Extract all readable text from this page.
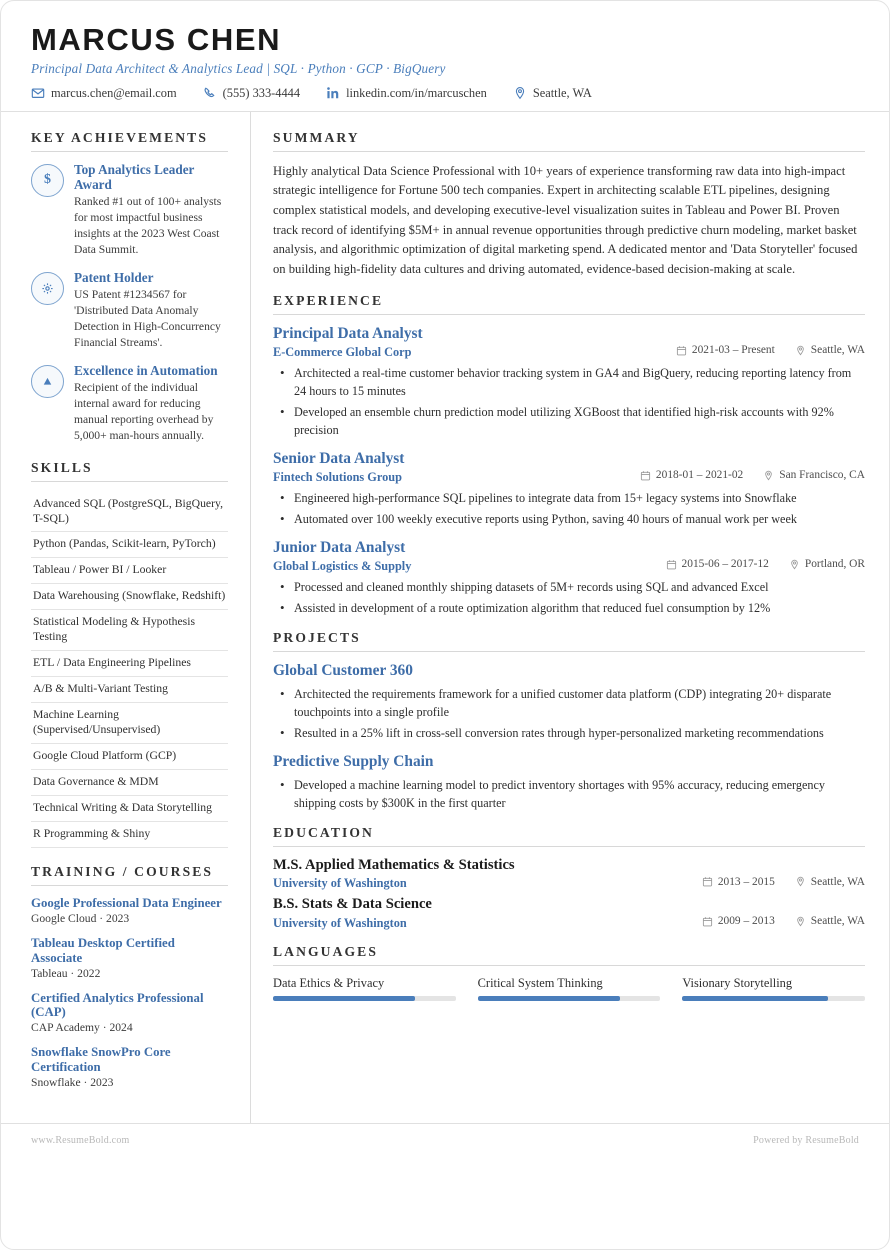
MARCUS CHEN
Principal Data Architect & Analytics Lead | SQL · Python · GCP · BigQuery
marcus.chen@email.com	(555) 333-4444	linkedin.com/in/marcuschen	Seattle, WA
KEY ACHIEVEMENTS
$
Top Analytics Leader Award
Ranked #1 out of 100+ analysts for most impactful business insights at the 2023 West Coast Data Summit.
Patent Holder
US Patent #1234567 for 'Distributed Data Anomaly Detection in High-Concurrency Financial Streams'.
Excellence in Automation
Recipient of the individual internal award for reducing manual reporting overhead by 5,000+ man-hours annually.
SKILLS
Advanced SQL (PostgreSQL, BigQuery, T-SQL)
Python (Pandas, Scikit-learn, PyTorch)
Tableau / Power BI / Looker
Data Warehousing (Snowflake, Redshift)
Statistical Modeling & Hypothesis Testing
ETL / Data Engineering Pipelines
A/B & Multi-Variant Testing
Machine Learning (Supervised/Unsupervised)
Google Cloud Platform (GCP)
Data Governance & MDM
Technical Writing & Data Storytelling
R Programming & Shiny
TRAINING / COURSES
Google Professional Data Engineer
Google Cloud · 2023
Tableau Desktop Certified Associate
Tableau · 2022
Certified Analytics Professional (CAP)
CAP Academy · 2024
Snowflake SnowPro Core Certification
Snowflake · 2023
SUMMARY
Highly analytical Data Science Professional with 10+ years of experience transforming raw data into high-impact strategic intelligence for Fortune 500 tech companies. Expert in architecting scalable ETL pipelines, designing complex statistical models, and developing executive-level visualization suites in Tableau and Power BI. Proven track record of identifying $5M+ in annual revenue opportunities through predictive churn modeling, market basket analysis, and algorithmic optimization of digital marketing spend. A dedicated mentor and 'Data Storyteller' focused on building high-fidelity data cultures and driving automated, evidence-based decision-making at scale.
EXPERIENCE
Principal Data Analyst
E-Commerce Global Corp	2021-03 – Present	Seattle, WA
• Architected a real-time customer behavior tracking system in GA4 and BigQuery, reducing reporting latency from 24 hours to 15 minutes
• Developed an ensemble churn prediction model utilizing XGBoost that identified high-risk accounts with 92% precision
Senior Data Analyst
Fintech Solutions Group	2018-01 – 2021-02	San Francisco, CA
• Engineered high-performance SQL pipelines to integrate data from 15+ legacy systems into Snowflake
• Automated over 100 weekly executive reports using Python, saving 40 hours of manual work per week
Junior Data Analyst
Global Logistics & Supply	2015-06 – 2017-12	Portland, OR
• Processed and cleaned monthly shipping datasets of 5M+ records using SQL and advanced Excel
• Assisted in development of a route optimization algorithm that reduced fuel consumption by 12%
PROJECTS
Global Customer 360
• Architected the requirements framework for a unified customer data platform (CDP) integrating 20+ disparate touchpoints into a single profile
• Resulted in a 25% lift in cross-sell conversion rates through hyper-personalized marketing recommendations
Predictive Supply Chain
• Developed a machine learning model to predict inventory shortages with 95% accuracy, reducing emergency shipping costs by $300K in the first quarter
EDUCATION
M.S. Applied Mathematics & Statistics
University of Washington	2013 – 2015	Seattle, WA
B.S. Stats & Data Science
University of Washington	2009 – 2013	Seattle, WA
LANGUAGES
Data Ethics & Privacy	Critical System Thinking	Visionary Storytelling
www.ResumeBold.com	Powered by ResumeBold
